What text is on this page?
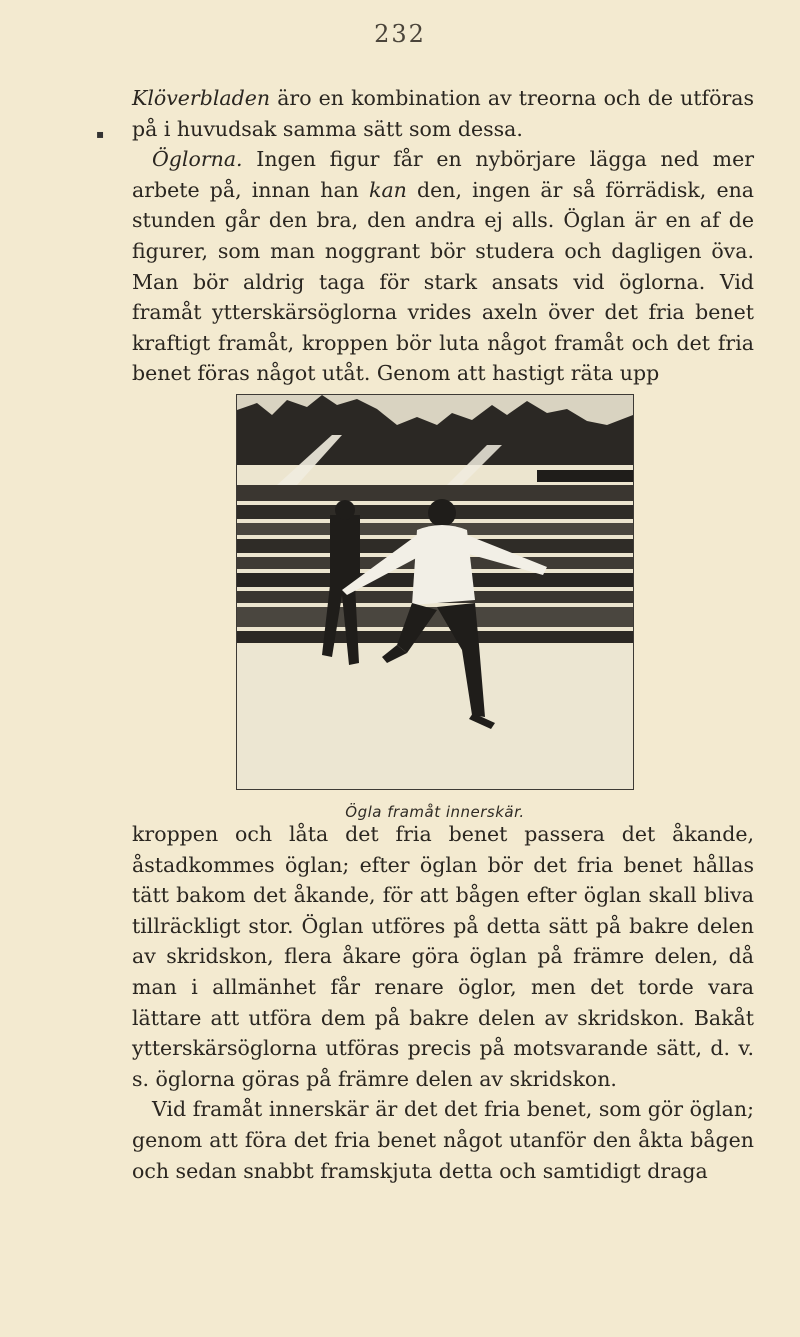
232
▪

Klöverbladen äro en kombination av treorna och de utföras på i huvudsak samma sätt som dessa.

Öglorna. Ingen figur får en nybörjare lägga ned mer arbete på, innan han kan den, ingen är så förrädisk, ena stunden går den bra, den andra ej alls. Öglan är en af de figurer, som man noggrant bör studera och dagligen öva. Man bör aldrig taga för stark ansats vid öglorna. Vid framåt ytterskärsöglorna vrides axeln över det fria benet kraftigt framåt, kroppen bör luta något framåt och det fria benet föras något utåt. Genom att hastigt räta upp

Ögla framåt innerskär.

kroppen och låta det fria benet passera det åkande, åstadkommes öglan; efter öglan bör det fria benet hållas tätt bakom det åkande, för att bågen efter öglan skall bliva tillräckligt stor. Öglan utföres på detta sätt på bakre delen av skridskon, flera åkare göra öglan på främre delen, då man i allmänhet får renare öglor, men det torde vara lättare att utföra dem på bakre delen av skridskon. Bakåt ytterskärsöglorna utföras precis på motsvarande sätt, d. v. s. öglorna göras på främre delen av skridskon.

Vid framåt innerskär är det det fria benet, som gör öglan; genom att föra det fria benet något utanför den åkta bågen och sedan snabbt framskjuta detta och samtidigt draga
